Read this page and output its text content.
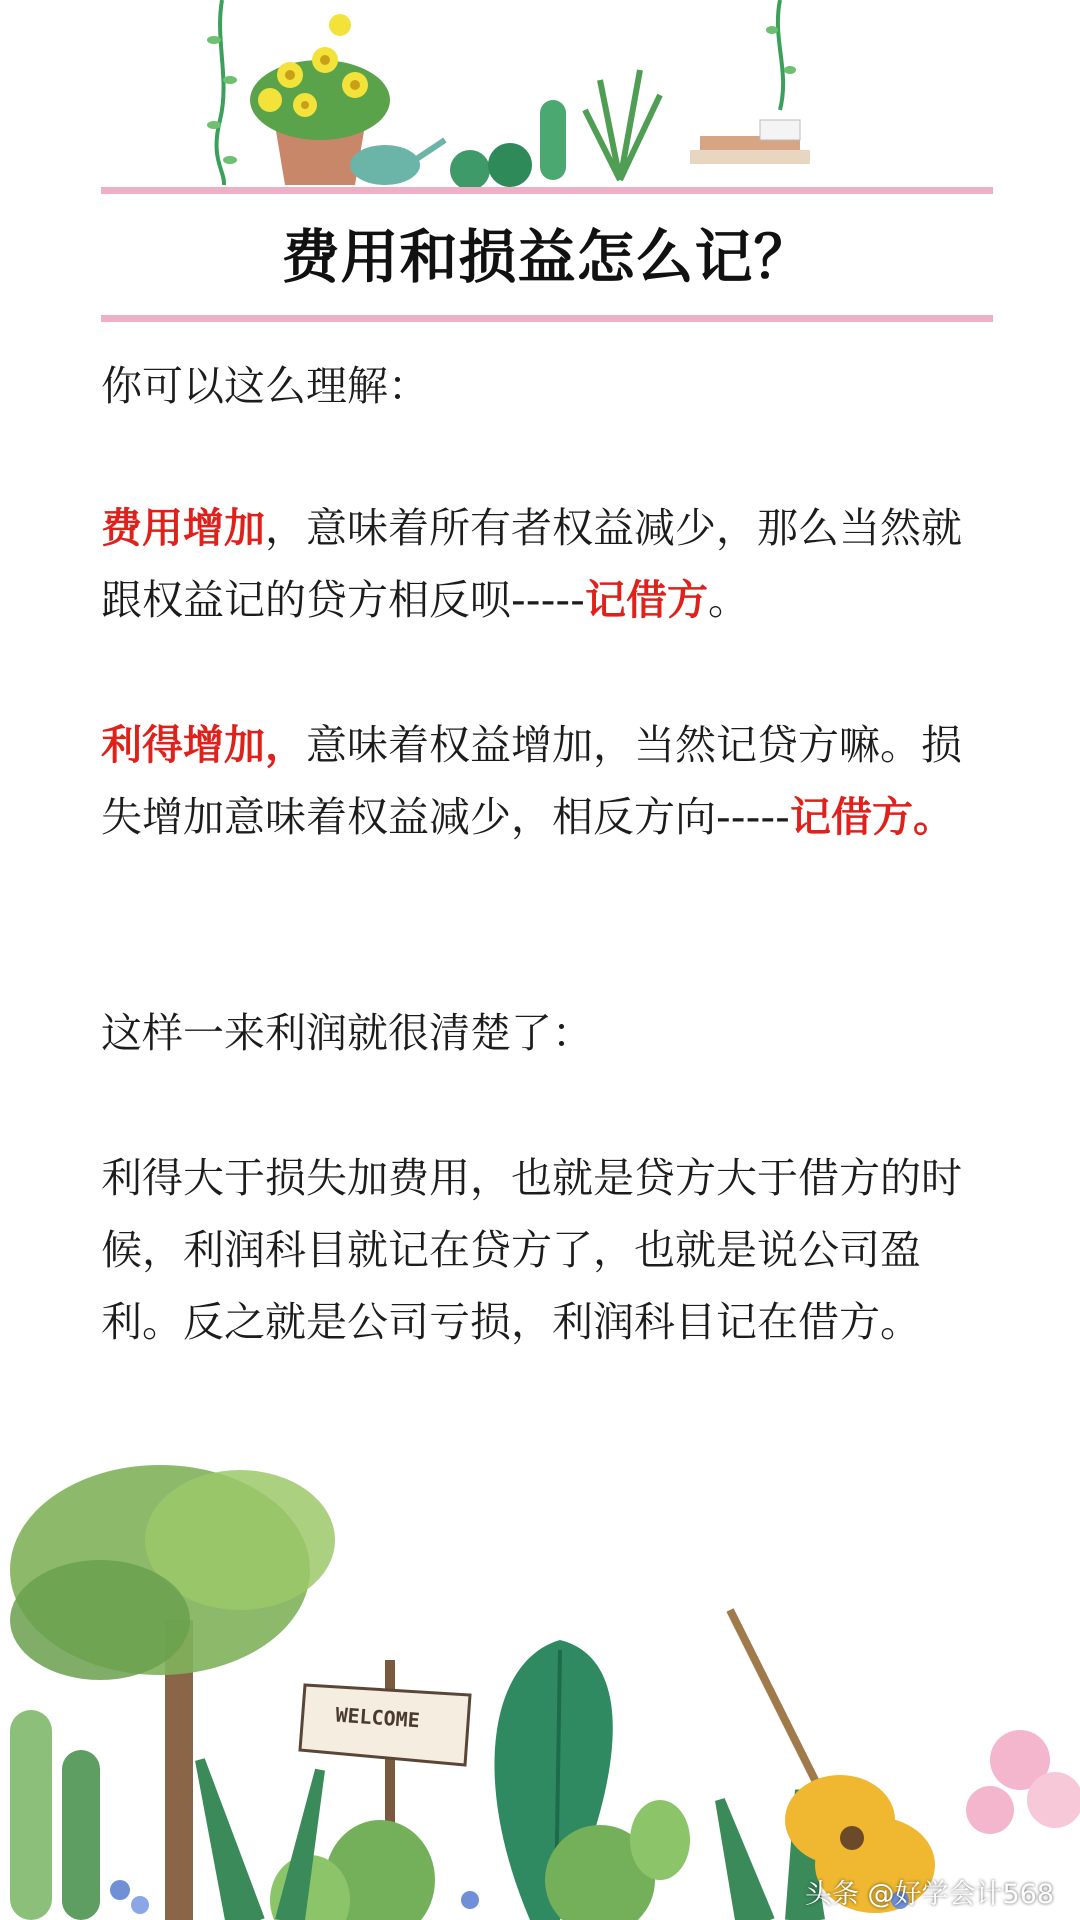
费用和损益怎么记？

你可以这么理解：

费用增加，意味着所有者权益减少，那么当然就跟权益记的贷方相反呗-----记借方。

利得增加，意味着权益增加，当然记贷方嘛。损失增加意味着权益减少，相反方向-----记借方。

这样一来利润就很清楚了：

利得大于损失加费用，也就是贷方大于借方的时候，利润科目就记在贷方了，也就是说公司盈利。反之就是公司亏损，利润科目记在借方。

WELCOME
头条 @好学会计568
